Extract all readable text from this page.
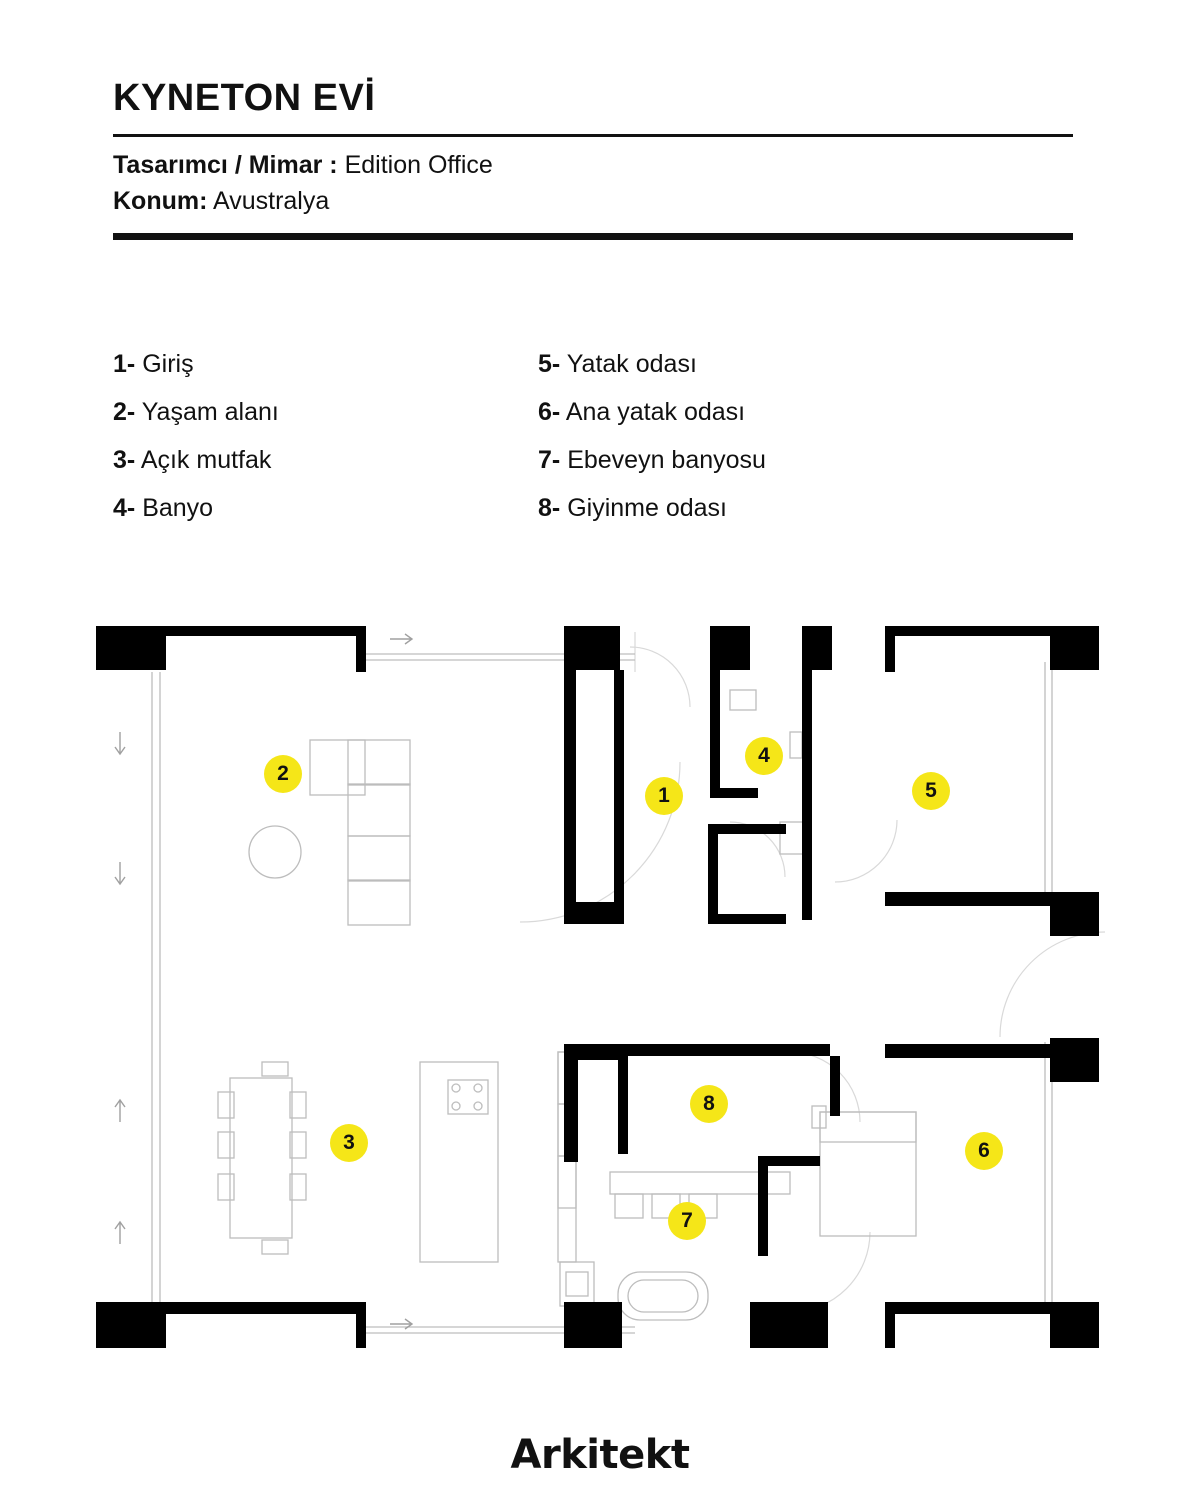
KYNETON EVİ
Tasarımcı / Mimar : Edition Office
Konum: Avustralya
1- Giriş	5- Yatak odası
2- Yaşam alanı	6- Ana yatak odası
3- Açık mutfak	7- Ebeveyn banyosu
4- Banyo	8- Giyinme odası
2
1
4
5
8
3	6
7
Arkitekt
